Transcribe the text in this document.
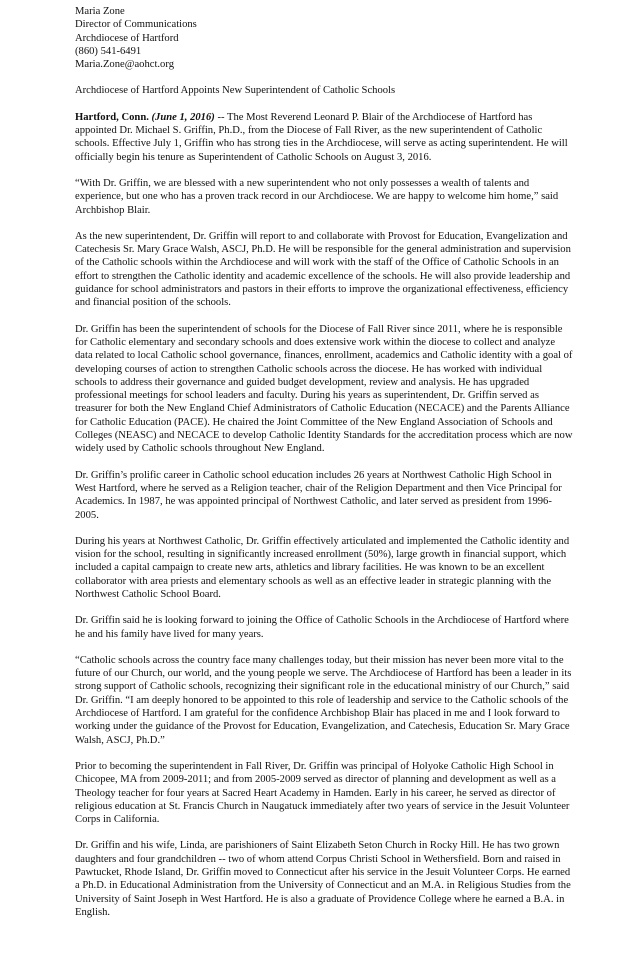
Maria Zone
Director of Communications
Archdiocese of Hartford
(860) 541-6491
Maria.Zone@aohct.org
Archdiocese of Hartford Appoints New Superintendent of Catholic Schools

Hartford, Conn. (June 1, 2016) -- The Most Reverend Leonard P. Blair of the Archdiocese of Hartford has appointed Dr. Michael S. Griffin, Ph.D., from the Diocese of Fall River, as the new superintendent of Catholic schools. Effective July 1, Griffin who has strong ties in the Archdiocese, will serve as acting superintendent. He will officially begin his tenure as Superintendent of Catholic Schools on August 3, 2016.

“With Dr. Griffin, we are blessed with a new superintendent who not only possesses a wealth of talents and experience, but one who has a proven track record in our Archdiocese. We are happy to welcome him home,” said Archbishop Blair.

As the new superintendent, Dr. Griffin will report to and collaborate with Provost for Education, Evangelization and Catechesis Sr. Mary Grace Walsh, ASCJ, Ph.D. He will be responsible for the general administration and supervision of the Catholic schools within the Archdiocese and will work with the staff of the Office of Catholic Schools in an effort to strengthen the Catholic identity and academic excellence of the schools. He will also provide leadership and guidance for school administrators and pastors in their efforts to improve the organizational effectiveness, efficiency and financial position of the schools.

Dr. Griffin has been the superintendent of schools for the Diocese of Fall River since 2011, where he is responsible for Catholic elementary and secondary schools and does extensive work within the diocese to collect and analyze data related to local Catholic school governance, finances, enrollment, academics and Catholic identity with a goal of developing courses of action to strengthen Catholic schools across the diocese. He has worked with individual schools to address their governance and guided budget development, review and analysis. He has upgraded professional meetings for school leaders and faculty. During his years as superintendent, Dr. Griffin served as treasurer for both the New England Chief Administrators of Catholic Education (NECACE) and the Parents Alliance for Catholic Education (PACE). He chaired the Joint Committee of the New England Association of Schools and Colleges (NEASC) and NECACE to develop Catholic Identity Standards for the accreditation process which are now widely used by Catholic schools throughout New England.

Dr. Griffin’s prolific career in Catholic school education includes 26 years at Northwest Catholic High School in West Hartford, where he served as a Religion teacher, chair of the Religion Department and then Vice Principal for Academics. In 1987, he was appointed principal of Northwest Catholic, and later served as president from 1996-2005.

During his years at Northwest Catholic, Dr. Griffin effectively articulated and implemented the Catholic identity and vision for the school, resulting in significantly increased enrollment (50%), large growth in financial support, which included a capital campaign to create new arts, athletics and library facilities. He was known to be an excellent collaborator with area priests and elementary schools as well as an effective leader in strategic planning with the Northwest Catholic School Board.

Dr. Griffin said he is looking forward to joining the Office of Catholic Schools in the Archdiocese of Hartford where he and his family have lived for many years.

“Catholic schools across the country face many challenges today, but their mission has never been more vital to the future of our Church, our world, and the young people we serve. The Archdiocese of Hartford has been a leader in its strong support of Catholic schools, recognizing their significant role in the educational ministry of our Church,” said Dr. Griffin. “I am deeply honored to be appointed to this role of leadership and service to the Catholic schools of the Archdiocese of Hartford. I am grateful for the confidence Archbishop Blair has placed in me and I look forward to working under the guidance of the Provost for Education, Evangelization, and Catechesis, Education Sr. Mary Grace Walsh, ASCJ, Ph.D.”

Prior to becoming the superintendent in Fall River, Dr. Griffin was principal of Holyoke Catholic High School in Chicopee, MA from 2009-2011; and from 2005-2009 served as director of planning and development as well as a Theology teacher for four years at Sacred Heart Academy in Hamden. Early in his career, he served as director of religious education at St. Francis Church in Naugatuck immediately after two years of service in the Jesuit Volunteer Corps in California.

Dr. Griffin and his wife, Linda, are parishioners of Saint Elizabeth Seton Church in Rocky Hill. He has two grown daughters and four grandchildren -- two of whom attend Corpus Christi School in Wethersfield. Born and raised in Pawtucket, Rhode Island, Dr. Griffin moved to Connecticut after his service in the Jesuit Volunteer Corps. He earned a Ph.D. in Educational Administration from the University of Connecticut and an M.A. in Religious Studies from the University of Saint Joseph in West Hartford. He is also a graduate of Providence College where he earned a B.A. in English.
